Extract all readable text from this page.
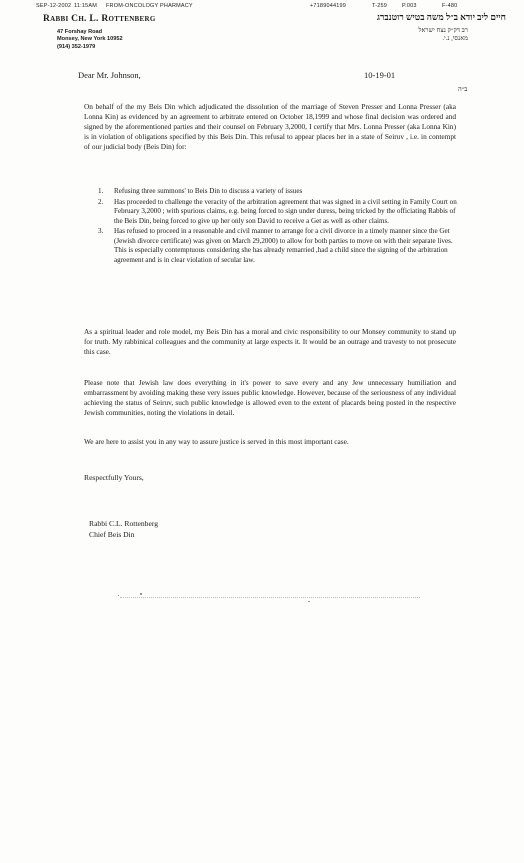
SEP-12-2002 11:15AM FROM-ONCOLOGY PHARMACY	+7189044199	T-259	P.003	F-480
Rabbi Ch. L. Rottenberg
47 Forshay Road
Monsey, New York 10952
(914) 352-1979
חיים ליב יודא ב״ל משה בטיש רוטנברג
רב דק״ק נצח ישראל
מאנסי, נ.י.
Dear Mr. Johnson,	10-19-01
ב״ה
On behalf of the my Beis Din which adjudicated the dissolution of the marriage of Steven Presser and Lonna Presser (aka Lonna Kin) as evidenced by an agreement to arbitrate entered on October 18,1999 and whose final decision was ordered and signed by the aforementioned parties and their counsel on February 3,2000, I certify that Mrs. Lonna Presser (aka Lonna Kin) is in violation of obligations specified by this Beis Din. This refusal to appear places her in a state of Seiruv , i.e. in contempt of our judicial body (Beis Din) for:
1. Refusing three summons' to Beis Din to discuss a variety of issues
2. Has proceeded to challenge the veracity of the arbitration agreement that was signed in a civil setting in Family Court on February 3,2000 ; with spurious claims, e.g. being forced to sign under duress, being tricked by the officiating Rabbis of the Beis Din, being forced to give up her only son David to receive a Get as well as other claims.
3. Has refused to proceed in a reasonable and civil manner to arrange for a civil divorce in a timely manner since the Get (Jewish divorce certificate) was given on March 29,2000) to allow for both parties to move on with their separate lives. This is especially contemptuous considering she has already remarried ,had a child since the signing of the arbitration agreement and is in clear violation of secular law.
As a spiritual leader and role model, my Beis Din has a moral and civic responsibility to our Monsey community to stand up for truth. My rabbinical colleagues and the community at large expects it. It would be an outrage and travesty to not prosecute this case.
Please note that Jewish law does everything in it's power to save every and any Jew unnecessary humiliation and embarrassment by avoiding making these very issues public knowledge. However, because of the seriousness of any individual achieving the status of Seiruv, such public knowledge is allowed even to the extent of placards being posted in the respective Jewish communities, noting the violations in detail.
We are here to assist you in any way to assure justice is served in this most important case.
Respectfully Yours,
Rabbi C.L. Rottenberg
Chief Beis Din
